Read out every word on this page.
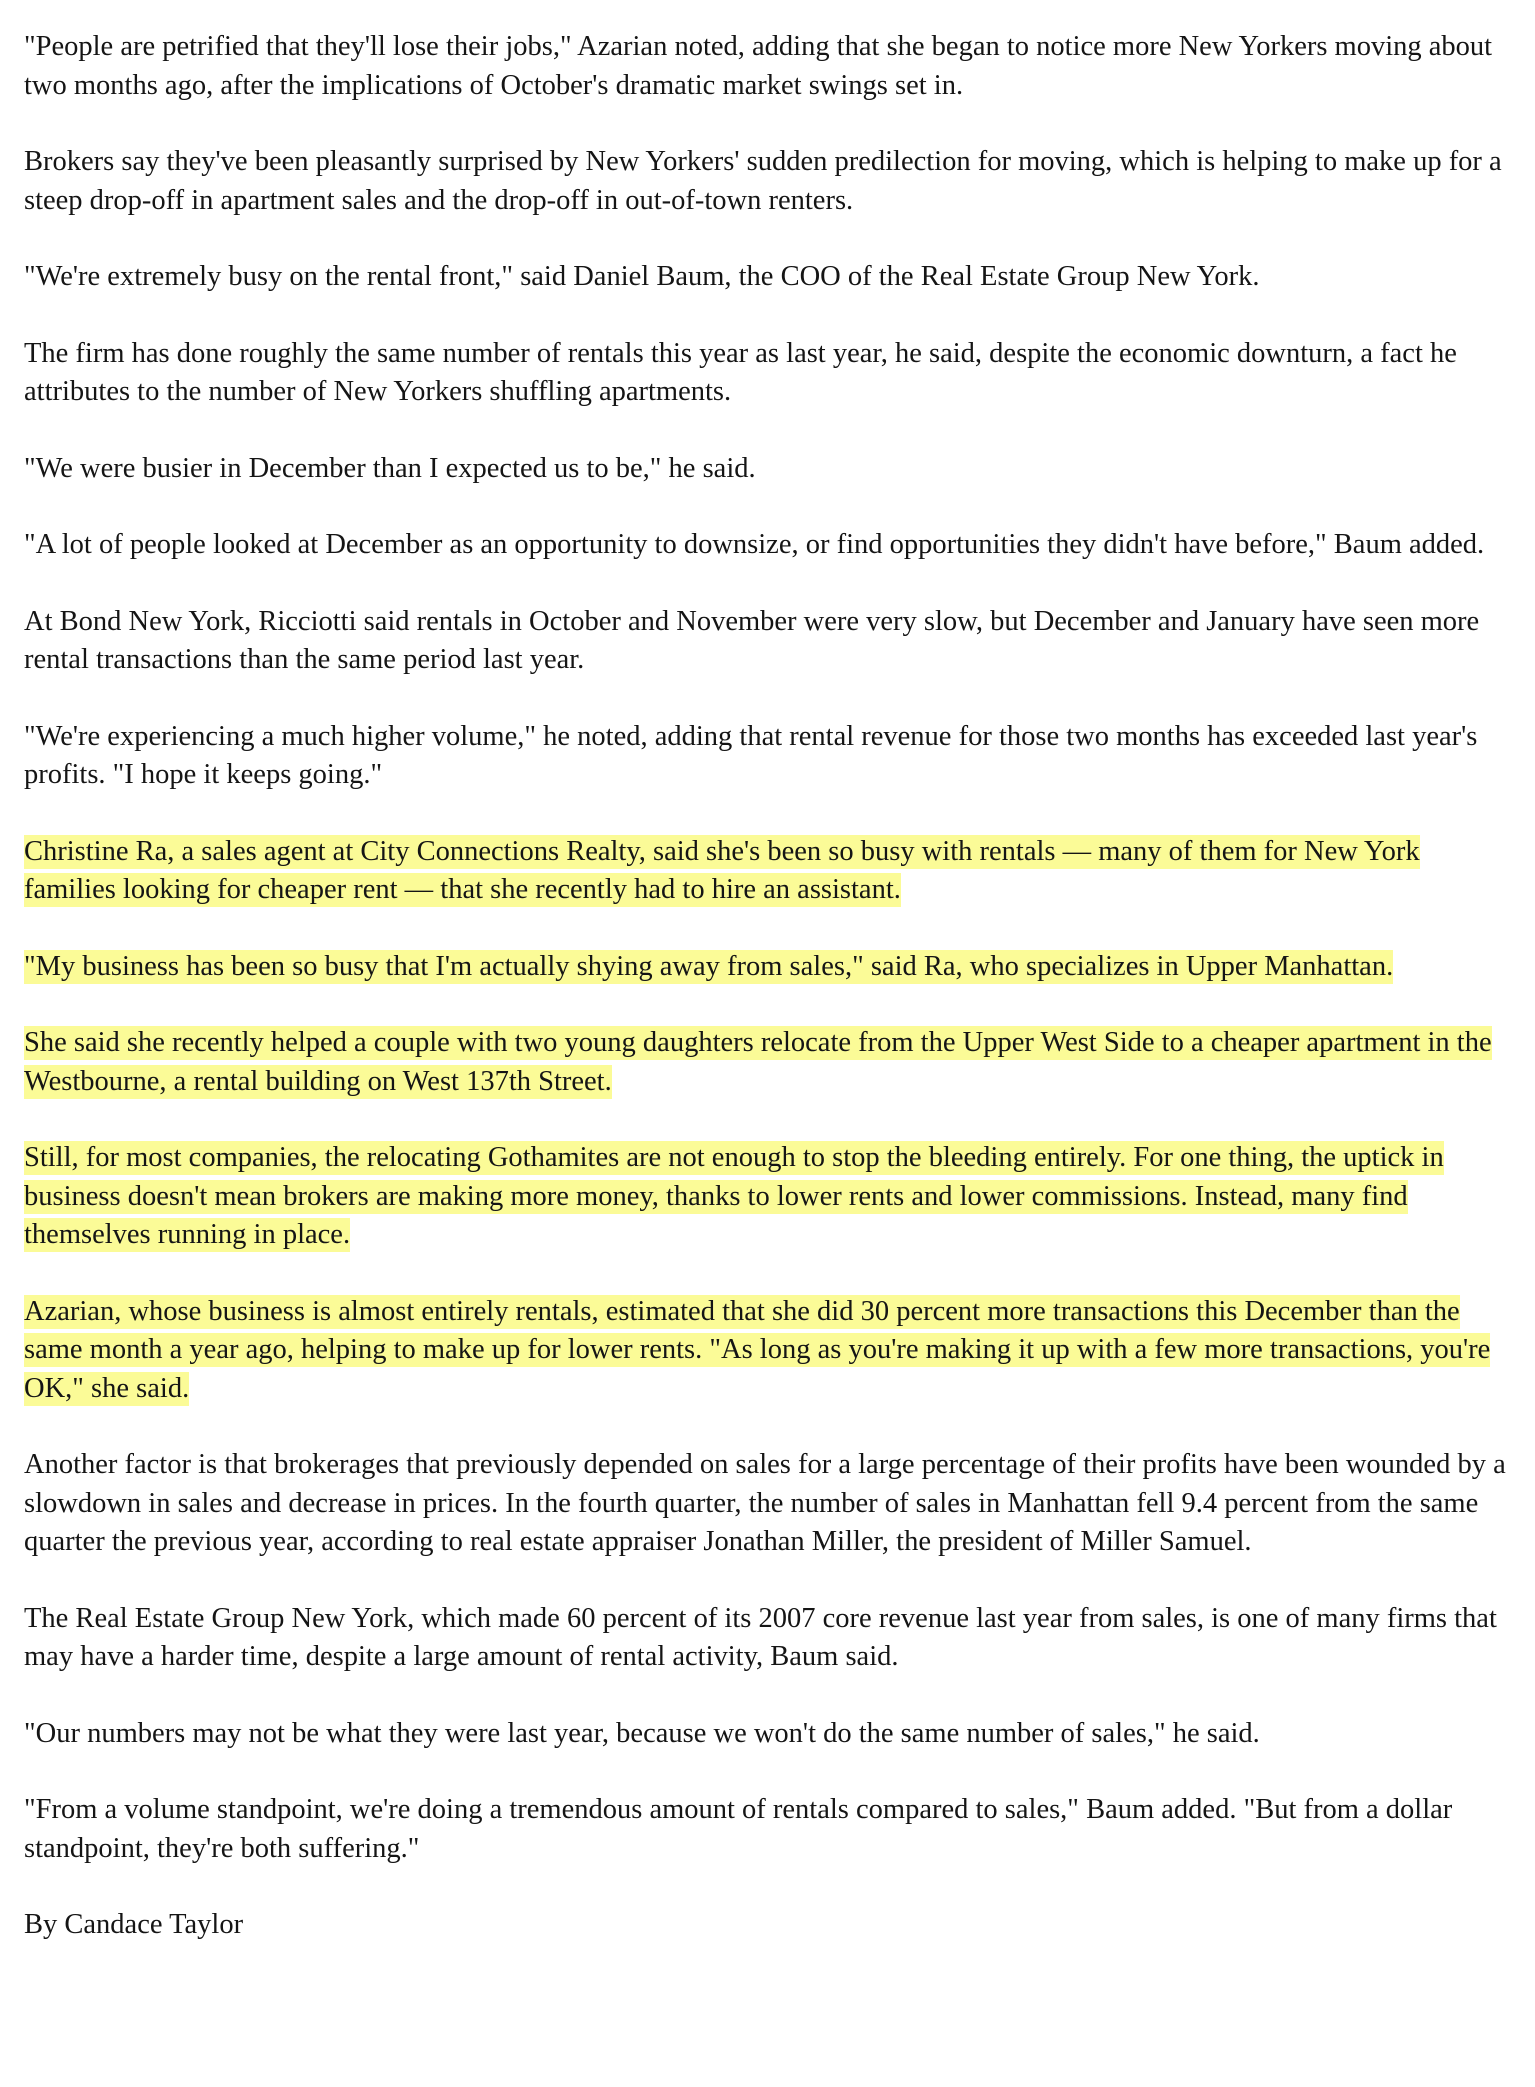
"People are petrified that they'll lose their jobs," Azarian noted, adding that she began to notice more New Yorkers moving about two months ago, after the implications of October's dramatic market swings set in.

Brokers say they've been pleasantly surprised by New Yorkers' sudden predilection for moving, which is helping to make up for a steep drop-off in apartment sales and the drop-off in out-of-town renters.

"We're extremely busy on the rental front," said Daniel Baum, the COO of the Real Estate Group New York.

The firm has done roughly the same number of rentals this year as last year, he said, despite the economic downturn, a fact he attributes to the number of New Yorkers shuffling apartments.

"We were busier in December than I expected us to be," he said.

"A lot of people looked at December as an opportunity to downsize, or find opportunities they didn't have before," Baum added.

At Bond New York, Ricciotti said rentals in October and November were very slow, but December and January have seen more rental transactions than the same period last year.

"We're experiencing a much higher volume," he noted, adding that rental revenue for those two months has exceeded last year's profits. "I hope it keeps going."

Christine Ra, a sales agent at City Connections Realty, said she's been so busy with rentals — many of them for New York families looking for cheaper rent — that she recently had to hire an assistant.

"My business has been so busy that I'm actually shying away from sales," said Ra, who specializes in Upper Manhattan.

She said she recently helped a couple with two young daughters relocate from the Upper West Side to a cheaper apartment in the Westbourne, a rental building on West 137th Street.

Still, for most companies, the relocating Gothamites are not enough to stop the bleeding entirely. For one thing, the uptick in business doesn't mean brokers are making more money, thanks to lower rents and lower commissions. Instead, many find themselves running in place.

Azarian, whose business is almost entirely rentals, estimated that she did 30 percent more transactions this December than the same month a year ago, helping to make up for lower rents. "As long as you're making it up with a few more transactions, you're OK," she said.

Another factor is that brokerages that previously depended on sales for a large percentage of their profits have been wounded by a slowdown in sales and decrease in prices. In the fourth quarter, the number of sales in Manhattan fell 9.4 percent from the same quarter the previous year, according to real estate appraiser Jonathan Miller, the president of Miller Samuel.

The Real Estate Group New York, which made 60 percent of its 2007 core revenue last year from sales, is one of many firms that may have a harder time, despite a large amount of rental activity, Baum said.

"Our numbers may not be what they were last year, because we won't do the same number of sales," he said.

"From a volume standpoint, we're doing a tremendous amount of rentals compared to sales," Baum added. "But from a dollar standpoint, they're both suffering."

By Candace Taylor
